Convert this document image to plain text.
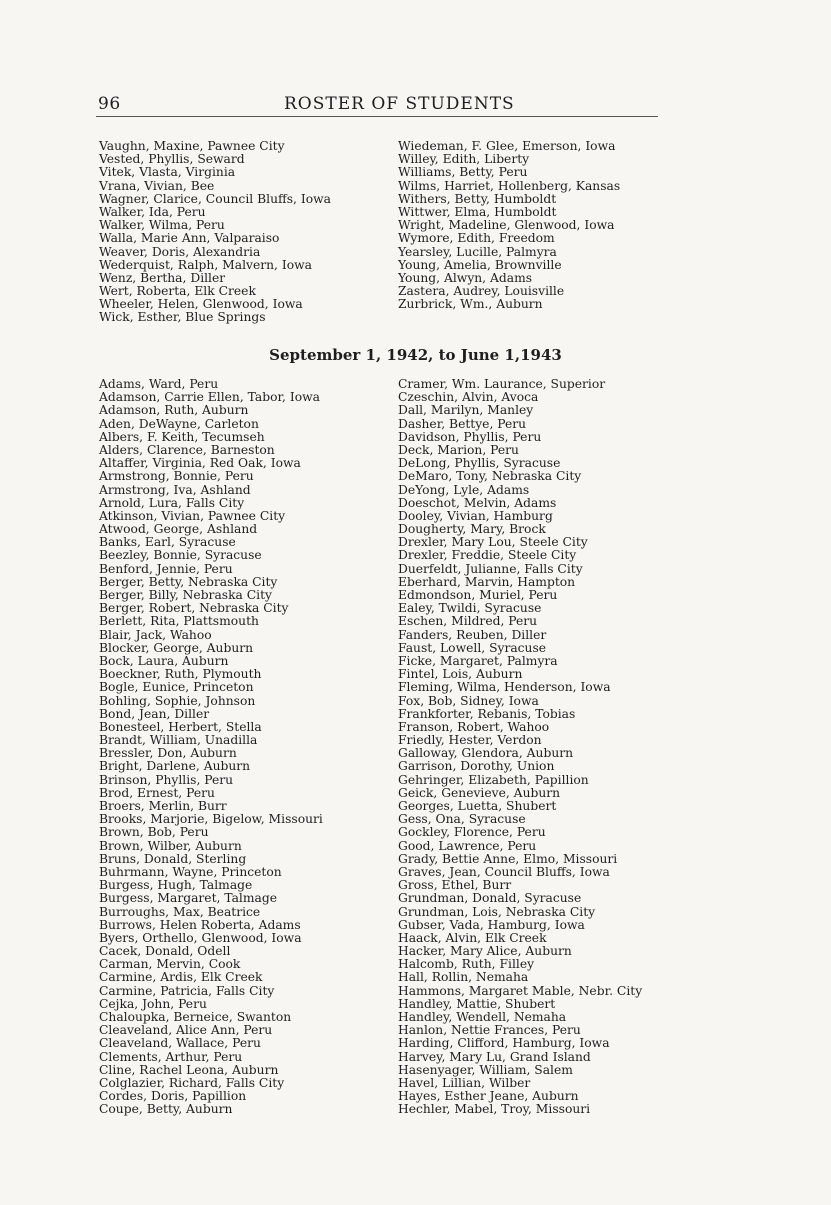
96	ROSTER OF STUDENTS
Vaughn, Maxine, Pawnee City
Vested, Phyllis, Seward
Vitek, Vlasta, Virginia
Vrana, Vivian, Bee
Wagner, Clarice, Council Bluffs, Iowa
Walker, Ida, Peru
Walker, Wilma, Peru
Walla, Marie Ann, Valparaiso
Weaver, Doris, Alexandria
Wederquist, Ralph, Malvern, Iowa
Wenz, Bertha, Diller
Wert, Roberta, Elk Creek
Wheeler, Helen, Glenwood, Iowa
Wick, Esther, Blue Springs
Wiedeman, F. Glee, Emerson, Iowa
Willey, Edith, Liberty
Williams, Betty, Peru
Wilms, Harriet, Hollenberg, Kansas
Withers, Betty, Humboldt
Wittwer, Elma, Humboldt
Wright, Madeline, Glenwood, Iowa
Wymore, Edith, Freedom
Yearsley, Lucille, Palmyra
Young, Amelia, Brownville
Young, Alwyn, Adams
Zastera, Audrey, Louisville
Zurbrick, Wm., Auburn
September 1, 1942, to June 1,1943
Adams, Ward, Peru
Adamson, Carrie Ellen, Tabor, Iowa
Adamson, Ruth, Auburn
Aden, DeWayne, Carleton
Albers, F. Keith, Tecumseh
Alders, Clarence, Barneston
Altaffer, Virginia, Red Oak, Iowa
Armstrong, Bonnie, Peru
Armstrong, Iva, Ashland
Arnold, Lura, Falls City
Atkinson, Vivian, Pawnee City
Atwood, George, Ashland
Banks, Earl, Syracuse
Beezley, Bonnie, Syracuse
Benford, Jennie, Peru
Berger, Betty, Nebraska City
Berger, Billy, Nebraska City
Berger, Robert, Nebraska City
Berlett, Rita, Plattsmouth
Blair, Jack, Wahoo
Blocker, George, Auburn
Bock, Laura, Auburn
Boeckner, Ruth, Plymouth
Bogle, Eunice, Princeton
Bohling, Sophie, Johnson
Bond, Jean, Diller
Bonesteel, Herbert, Stella
Brandt, William, Unadilla
Bressler, Don, Auburn
Bright, Darlene, Auburn
Brinson, Phyllis, Peru
Brod, Ernest, Peru
Broers, Merlin, Burr
Brooks, Marjorie, Bigelow, Missouri
Brown, Bob, Peru
Brown, Wilber, Auburn
Bruns, Donald, Sterling
Buhrmann, Wayne, Princeton
Burgess, Hugh, Talmage
Burgess, Margaret, Talmage
Burroughs, Max, Beatrice
Burrows, Helen Roberta, Adams
Byers, Orthello, Glenwood, Iowa
Cacek, Donald, Odell
Carman, Mervin, Cook
Carmine, Ardis, Elk Creek
Carmine, Patricia, Falls City
Cejka, John, Peru
Chaloupka, Berneice, Swanton
Cleaveland, Alice Ann, Peru
Cleaveland, Wallace, Peru
Clements, Arthur, Peru
Cline, Rachel Leona, Auburn
Colglazier, Richard, Falls City
Cordes, Doris, Papillion
Coupe, Betty, Auburn
Cramer, Wm. Laurance, Superior
Czeschin, Alvin, Avoca
Dall, Marilyn, Manley
Dasher, Bettye, Peru
Davidson, Phyllis, Peru
Deck, Marion, Peru
DeLong, Phyllis, Syracuse
DeMaro, Tony, Nebraska City
DeYong, Lyle, Adams
Doeschot, Melvin, Adams
Dooley, Vivian, Hamburg
Dougherty, Mary, Brock
Drexler, Mary Lou, Steele City
Drexler, Freddie, Steele City
Duerfeldt, Julianne, Falls City
Eberhard, Marvin, Hampton
Edmondson, Muriel, Peru
Ealey, Twildi, Syracuse
Eschen, Mildred, Peru
Fanders, Reuben, Diller
Faust, Lowell, Syracuse
Ficke, Margaret, Palmyra
Fintel, Lois, Auburn
Fleming, Wilma, Henderson, Iowa
Fox, Bob, Sidney, Iowa
Frankforter, Rebanis, Tobias
Franson, Robert, Wahoo
Friedly, Hester, Verdon
Galloway, Glendora, Auburn
Garrison, Dorothy, Union
Gehringer, Elizabeth, Papillion
Geick, Genevieve, Auburn
Georges, Luetta, Shubert
Gess, Ona, Syracuse
Gockley, Florence, Peru
Good, Lawrence, Peru
Grady, Bettie Anne, Elmo, Missouri
Graves, Jean, Council Bluffs, Iowa
Gross, Ethel, Burr
Grundman, Donald, Syracuse
Grundman, Lois, Nebraska City
Gubser, Vada, Hamburg, Iowa
Haack, Alvin, Elk Creek
Hacker, Mary Alice, Auburn
Halcomb, Ruth, Filley
Hall, Rollin, Nemaha
Hammons, Margaret Mable, Nebr. City
Handley, Mattie, Shubert
Handley, Wendell, Nemaha
Hanlon, Nettie Frances, Peru
Harding, Clifford, Hamburg, Iowa
Harvey, Mary Lu, Grand Island
Hasenyager, William, Salem
Havel, Lillian, Wilber
Hayes, Esther Jeane, Auburn
Hechler, Mabel, Troy, Missouri
